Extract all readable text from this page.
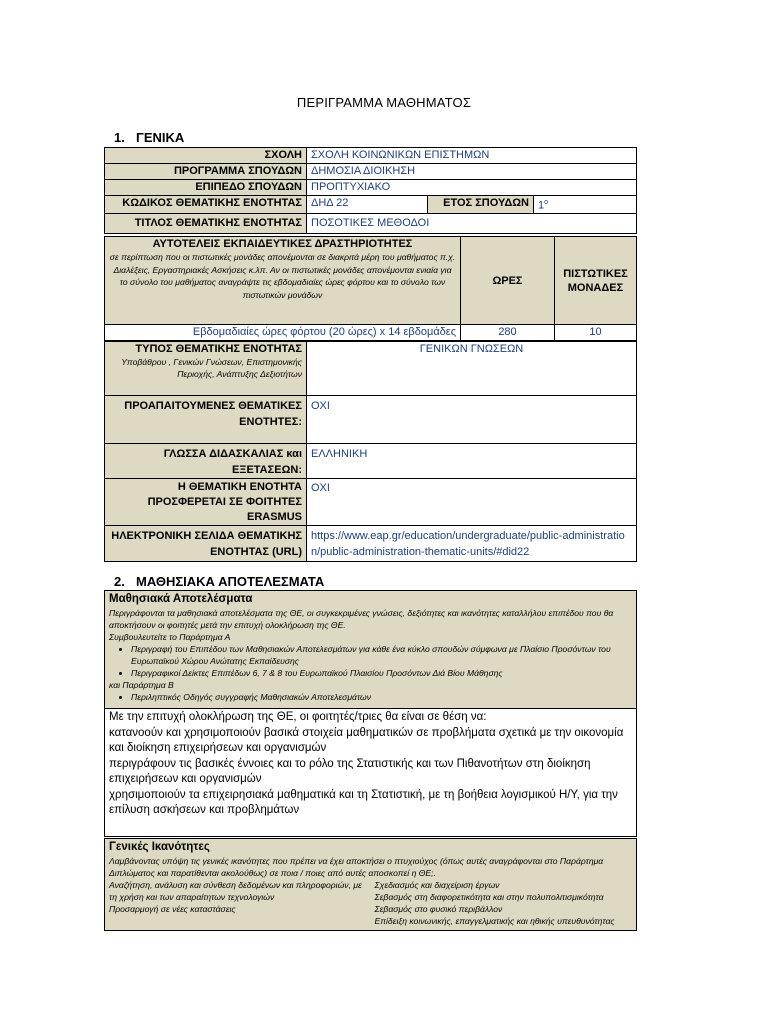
ΠΕΡΙΓΡΑΜΜΑ ΜΑΘΗΜΑΤΟΣ
1. ΓΕΝΙΚΑ
ΣΧΟΛΗ	ΣΧΟΛΗ ΚΟΙΝΩΝΙΚΩΝ ΕΠΙΣΤΗΜΩΝ		
ΠΡΟΓΡΑΜΜΑ ΣΠΟΥΔΩΝ	ΔΗΜΟΣΙΑ ΔΙΟΙΚΗΣΗ		
ΕΠΙΠΕΔΟ ΣΠΟΥΔΩΝ	ΠΡΟΠΤΥΧΙΑΚΟ		
ΚΩΔΙΚΟΣ ΘΕΜΑΤΙΚΗΣ ΕΝΟΤΗΤΑΣ	ΔΗΔ 22	ΕΤΟΣ ΣΠΟΥΔΩΝ	$1^o$
ΤΙΤΛΟΣ ΘΕΜΑΤΙΚΗΣ ΕΝΟΤΗΤΑΣ	ΠΟΣΟΤΙΚΕΣ ΜΕΘΟΔΟΙ		
ΑΥΤΟΤΕΛΕΙΣ ΕΚΠΑΙΔΕΥΤΙΚΕΣ ΔΡΑΣΤΗΡΙΟΤΗΤΕΣ
σε περίπτωση που οι πιστωτικές μονάδες απονέμονται σε διακριτά μέρη του μαθήματος π.χ. Διαλέξεις, Εργαστηριακές Ασκήσεις κ.λπ. Αν οι πιστωτικές μονάδες απονέμονται ενιαία για το σύνολο του μαθήματος αναγράψτε τις εβδομαδιαίες ώρες φόρτου και το σύνολο των πιστωτικών μονάδων	ΩΡΕΣ	ΠΙΣΤΩΤΙΚΕΣ ΜΟΝΑΔΕΣ
Εβδομαδιαίες ώρες φόρτου (20 ώρες) x 14 εβδομάδες	280	10
ΤΥΠΟΣ ΘΕΜΑΤΙΚΗΣ ΕΝΟΤΗΤΑΣ
Υποβάθρου , Γενικών Γνώσεων, Επιστημονικής Περιοχής, Ανάπτυξης Δεξιοτήτων	ΓΕΝΙΚΩΝ ΓΝΩΣΕΩΝ
ΠΡΟΑΠΑΙΤΟΥΜΕΝΕΣ ΘΕΜΑΤΙΚΕΣ ΕΝΟΤΗΤΕΣ:	ΟΧΙ
ΓΛΩΣΣΑ ΔΙΔΑΣΚΑΛΙΑΣ και ΕΞΕΤΑΣΕΩΝ:	ΕΛΛΗΝΙΚΗ
Η ΘΕΜΑΤΙΚΗ ΕΝΟΤΗΤΑ ΠΡΟΣΦΕΡΕΤΑΙ ΣΕ ΦΟΙΤΗΤΕΣ ERASMUS	ΟΧΙ
ΗΛΕΚΤΡΟΝΙΚΗ ΣΕΛΙΔΑ ΘΕΜΑΤΙΚΗΣ ΕΝΟΤΗΤΑΣ (URL)	https://www.eap.gr/education/undergraduate/public-administration/public-administration-thematic-units/#did22
2. ΜΑΘΗΣΙΑΚΑ ΑΠΟΤΕΛΕΣΜΑΤΑ
Μαθησιακά Αποτελέσματα
Περιγράφονται τα μαθησιακά αποτελέσματα της ΘΕ, οι συγκεκριμένες γνώσεις, δεξιότητες και ικανότητες καταλλήλου επιπέδου που θα αποκτήσουν οι φοιτητές μετά την επιτυχή ολοκλήρωση της ΘΕ.
Συμβουλευτείτε το Παράρτημα Α
• Περιγραφή του Επιπέδου των Μαθησιακών Αποτελεσμάτων για κάθε ένα κύκλο σπουδών σύμφωνα με Πλαίσιο Προσόντων του Ευρωπαϊκού Χώρου Ανώτατης Εκπαίδευσης
• Περιγραφικοί Δείκτες Επιπέδων 6, 7 & 8 του Ευρωπαϊκού Πλαισίου Προσόντων Διά Βίου Μάθησης
και Παράρτημα Β
• Περιληπτικός Οδηγός συγγραφής Μαθησιακών Αποτελεσμάτων

Με την επιτυχή ολοκλήρωση της ΘΕ, οι φοιτητές/τριες θα είναι σε θέση να:
κατανοούν και χρησιμοποιούν βασικά στοιχεία μαθηματικών σε προβλήματα σχετικά με την οικονομία και διοίκηση επιχειρήσεων και οργανισμών
περιγράφουν τις βασικές έννοιες και το ρόλο της Στατιστικής και των Πιθανοτήτων στη διοίκηση επιχειρήσεων και οργανισμών
χρησιμοποιούν τα επιχειρησιακά μαθηματικά και τη Στατιστική, με τη βοήθεια λογισμικού Η/Υ, για την επίλυση ασκήσεων και προβλημάτων
Γενικές Ικανότητες
Λαμβάνοντας υπόψη τις γενικές ικανότητες που πρέπει να έχει αποκτήσει ο πτυχιούχος (όπως αυτές αναγράφονται στο Παράρτημα Διπλώματος και παρατίθενται ακολούθως) σε ποια / ποιες από αυτές αποσκοπεί η ΘΕ;.
Αναζήτηση, ανάλυση και σύνθεση δεδομένων και πληροφοριών, με τη χρήση και των απαραίτητων τεχνολογιών
Προσαρμογή σε νέες καταστάσεις
Σχεδιασμός και διαχείριση έργων
Σεβασμός στη διαφορετικότητα και στην πολυπολιτισμικότητα
Σεβασμός στο φυσικό περιβάλλον
Επίδειξη κοινωνικής, επαγγελματικής και ηθικής υπευθυνότητας
